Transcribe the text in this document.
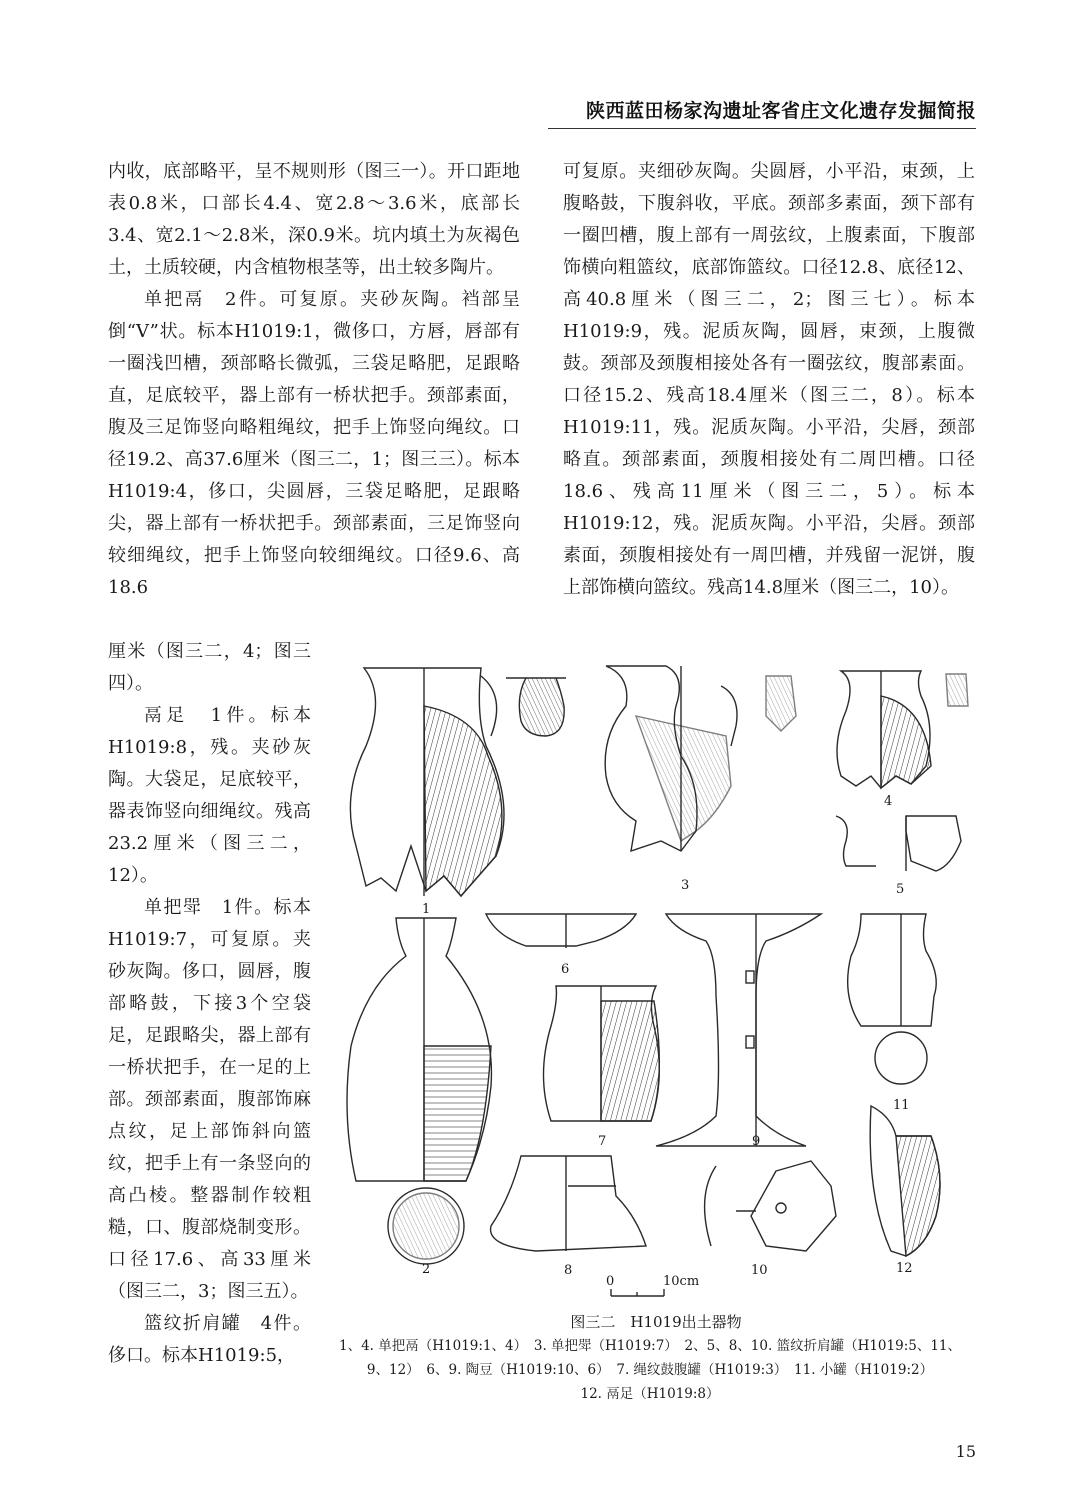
陕西蓝田杨家沟遗址客省庄文化遗存发掘简报

内收，底部略平，呈不规则形（图三一）。开口距地表0.8米，口部长4.4、宽2.8～3.6米，底部长3.4、宽2.1～2.8米，深0.9米。坑内填土为灰褐色土，土质较硬，内含植物根茎等，出土较多陶片。

单把鬲　2件。可复原。夹砂灰陶。裆部呈倒“V”状。标本H1019:1，微侈口，方唇，唇部有一圈浅凹槽，颈部略长微弧，三袋足略肥，足跟略直，足底较平，器上部有一桥状把手。颈部素面，腹及三足饰竖向略粗绳纹，把手上饰竖向绳纹。口径19.2、高37.6厘米（图三二，1；图三三）。标本H1019:4，侈口，尖圆唇，三袋足略肥，足跟略尖，器上部有一桥状把手。颈部素面，三足饰竖向较细绳纹，把手上饰竖向较细绳纹。口径9.6、高18.6

厘米（图三二，4；图三四）。

鬲足　1件。标本H1019:8，残。夹砂灰陶。大袋足，足底较平，器表饰竖向细绳纹。残高23.2厘米（图三二，12）。

单把斝　1件。标本H1019:7，可复原。夹砂灰陶。侈口，圆唇，腹部略鼓，下接3个空袋足，足跟略尖，器上部有一桥状把手，在一足的上部。颈部素面，腹部饰麻点纹，足上部饰斜向篮纹，把手上有一条竖向的高凸棱。整器制作较粗糙，口、腹部烧制变形。口径17.6、高33厘米（图三二，3；图三五）。

篮纹折肩罐　4件。侈口。标本H1019:5，

可复原。夹细砂灰陶。尖圆唇，小平沿，束颈，上腹略鼓，下腹斜收，平底。颈部多素面，颈下部有一圈凹槽，腹上部有一周弦纹，上腹素面，下腹部饰横向粗篮纹，底部饰篮纹。口径12.8、底径12、高40.8厘米（图三二，2；图三七）。标本H1019:9，残。泥质灰陶，圆唇，束颈，上腹微鼓。颈部及颈腹相接处各有一圈弦纹，腹部素面。口径15.2、残高18.4厘米（图三二，8）。标本H1019:11，残。泥质灰陶。小平沿，尖唇，颈部略直。颈部素面，颈腹相接处有二周凹槽。口径18.6、残高11厘米（图三二，5）。标本H1019:12，残。泥质灰陶。小平沿，尖唇。颈部素面，颈腹相接处有一周凹槽，并残留一泥饼，腹上部饰横向篮纹。残高14.8厘米（图三二，10）。

1
2
3
4
5
6
7
8
9
10
11
12
0	10cm
图三二　H1019出土器物
1、4. 单把鬲（H1019:1、4）　3. 单把斝（H1019:7）　2、5、8、10. 篮纹折肩罐（H1019:5、11、
9、12）　6、9. 陶豆（H1019:10、6）　7. 绳纹鼓腹罐（H1019:3）　11. 小罐（H1019:2）
12. 鬲足（H1019:8）
15
